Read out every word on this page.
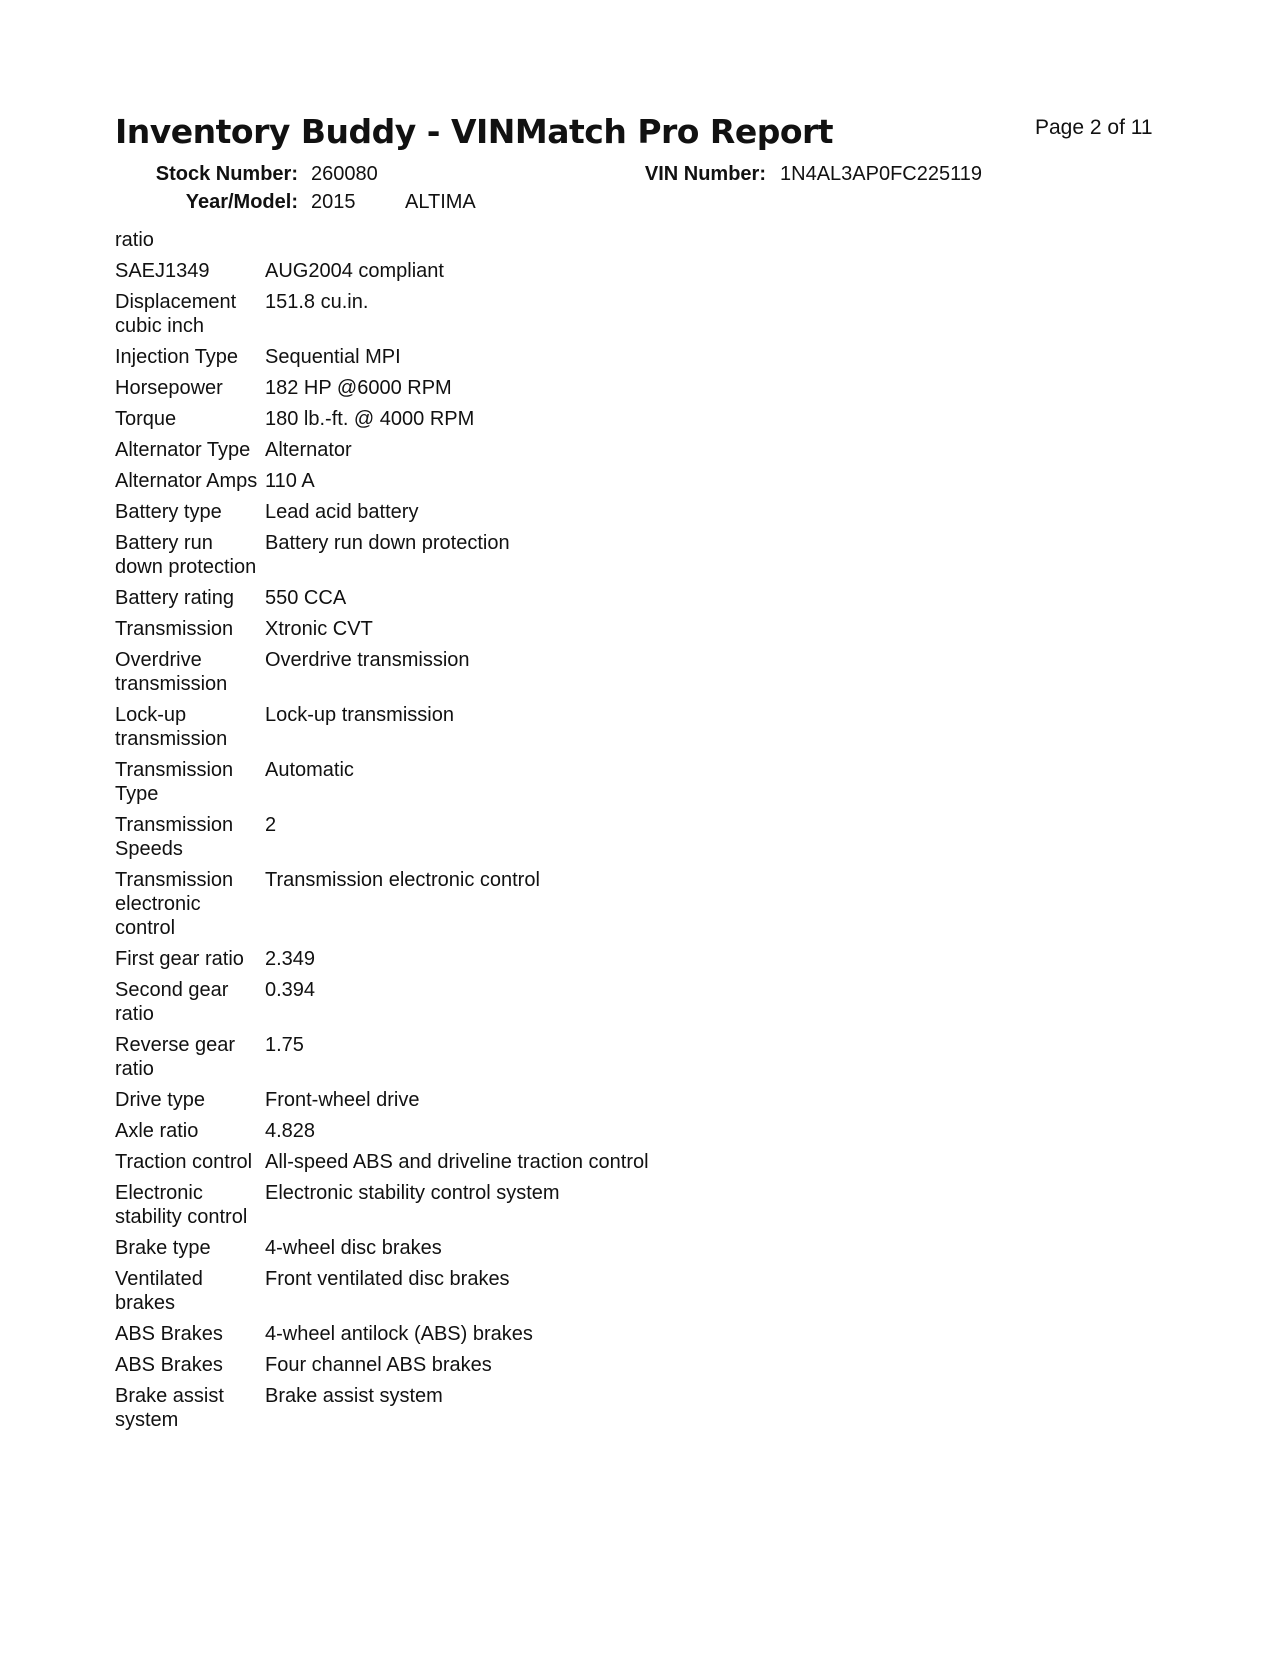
Inventory Buddy - VINMatch Pro Report	Page 2 of 11
Stock Number: 260080	VIN Number: 1N4AL3AP0FC225119
Year/Model: 2015 ALTIMA
ratio	
SAEJ1349	AUG2004 compliant
Displacement cubic inch	151.8 cu.in.
Injection Type	Sequential MPI
Horsepower	182 HP @6000 RPM
Torque	180 lb.-ft. @ 4000 RPM
Alternator Type	Alternator
Alternator Amps	110 A
Battery type	Lead acid battery
Battery run down protection	Battery run down protection
Battery rating	550 CCA
Transmission	Xtronic CVT
Overdrive transmission	Overdrive transmission
Lock-up transmission	Lock-up transmission
Transmission Type	Automatic
Transmission Speeds	2
Transmission electronic control	Transmission electronic control
First gear ratio	2.349
Second gear ratio	0.394
Reverse gear ratio	1.75
Drive type	Front-wheel drive
Axle ratio	4.828
Traction control	All-speed ABS and driveline traction control
Electronic stability control	Electronic stability control system
Brake type	4-wheel disc brakes
Ventilated brakes	Front ventilated disc brakes
ABS Brakes	4-wheel antilock (ABS) brakes
ABS Brakes	Four channel ABS brakes
Brake assist system	Brake assist system
